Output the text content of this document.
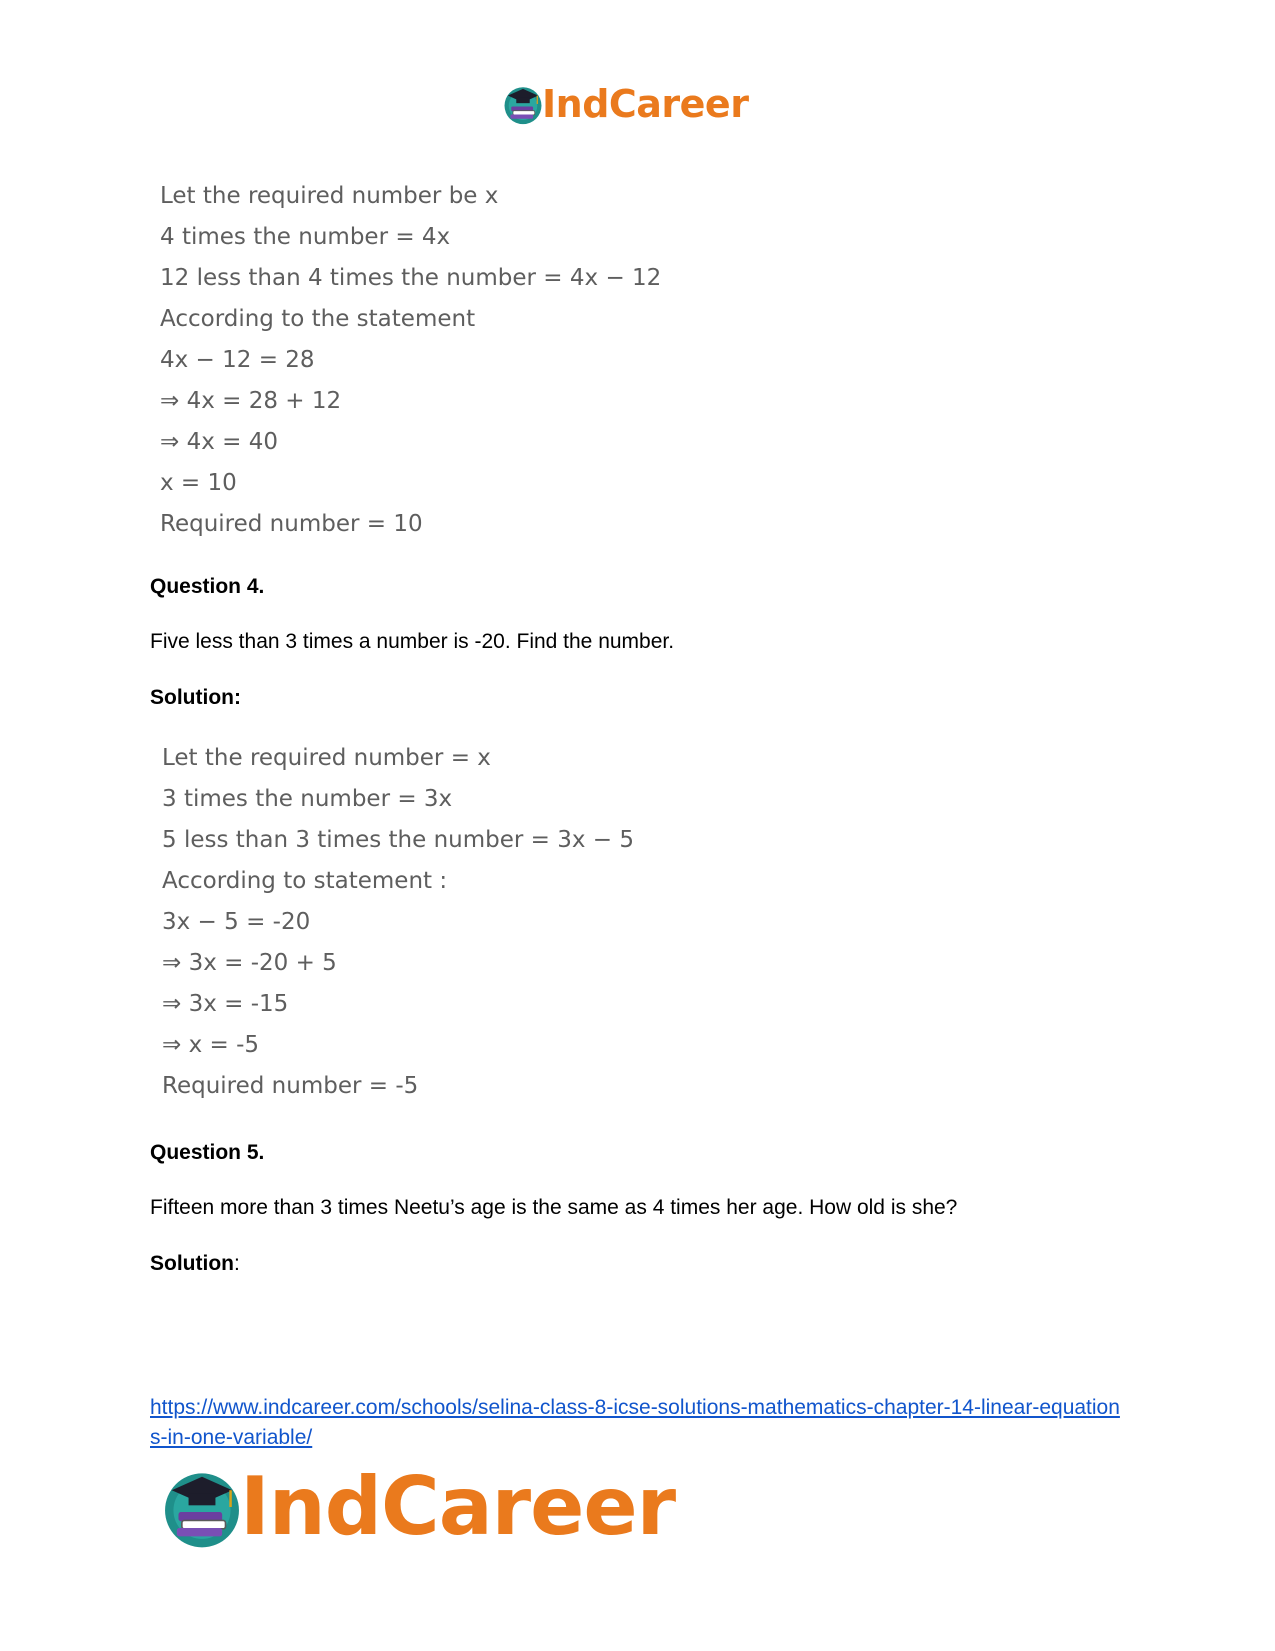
IndCareer
Let the required number be x
4 times the number = 4x
12 less than 4 times the number = 4x − 12
According to the statement
4x − 12 = 28
⇒ 4x = 28 + 12
⇒ 4x = 40
x = 10
Required number = 10
Question 4.
Five less than 3 times a number is -20. Find the number.
Solution:
Let the required number = x
3 times the number = 3x
5 less than 3 times the number = 3x − 5
According to statement :
3x − 5 = -20
⇒ 3x = -20 + 5
⇒ 3x = -15
⇒ x = -5
Required number = -5
Question 5.
Fifteen more than 3 times Neetu’s age is the same as 4 times her age. How old is she?
Solution:
https://www.indcareer.com/schools/selina-class-8-icse-solutions-mathematics-chapter-14-linear-equations-in-one-variable/
IndCareer
